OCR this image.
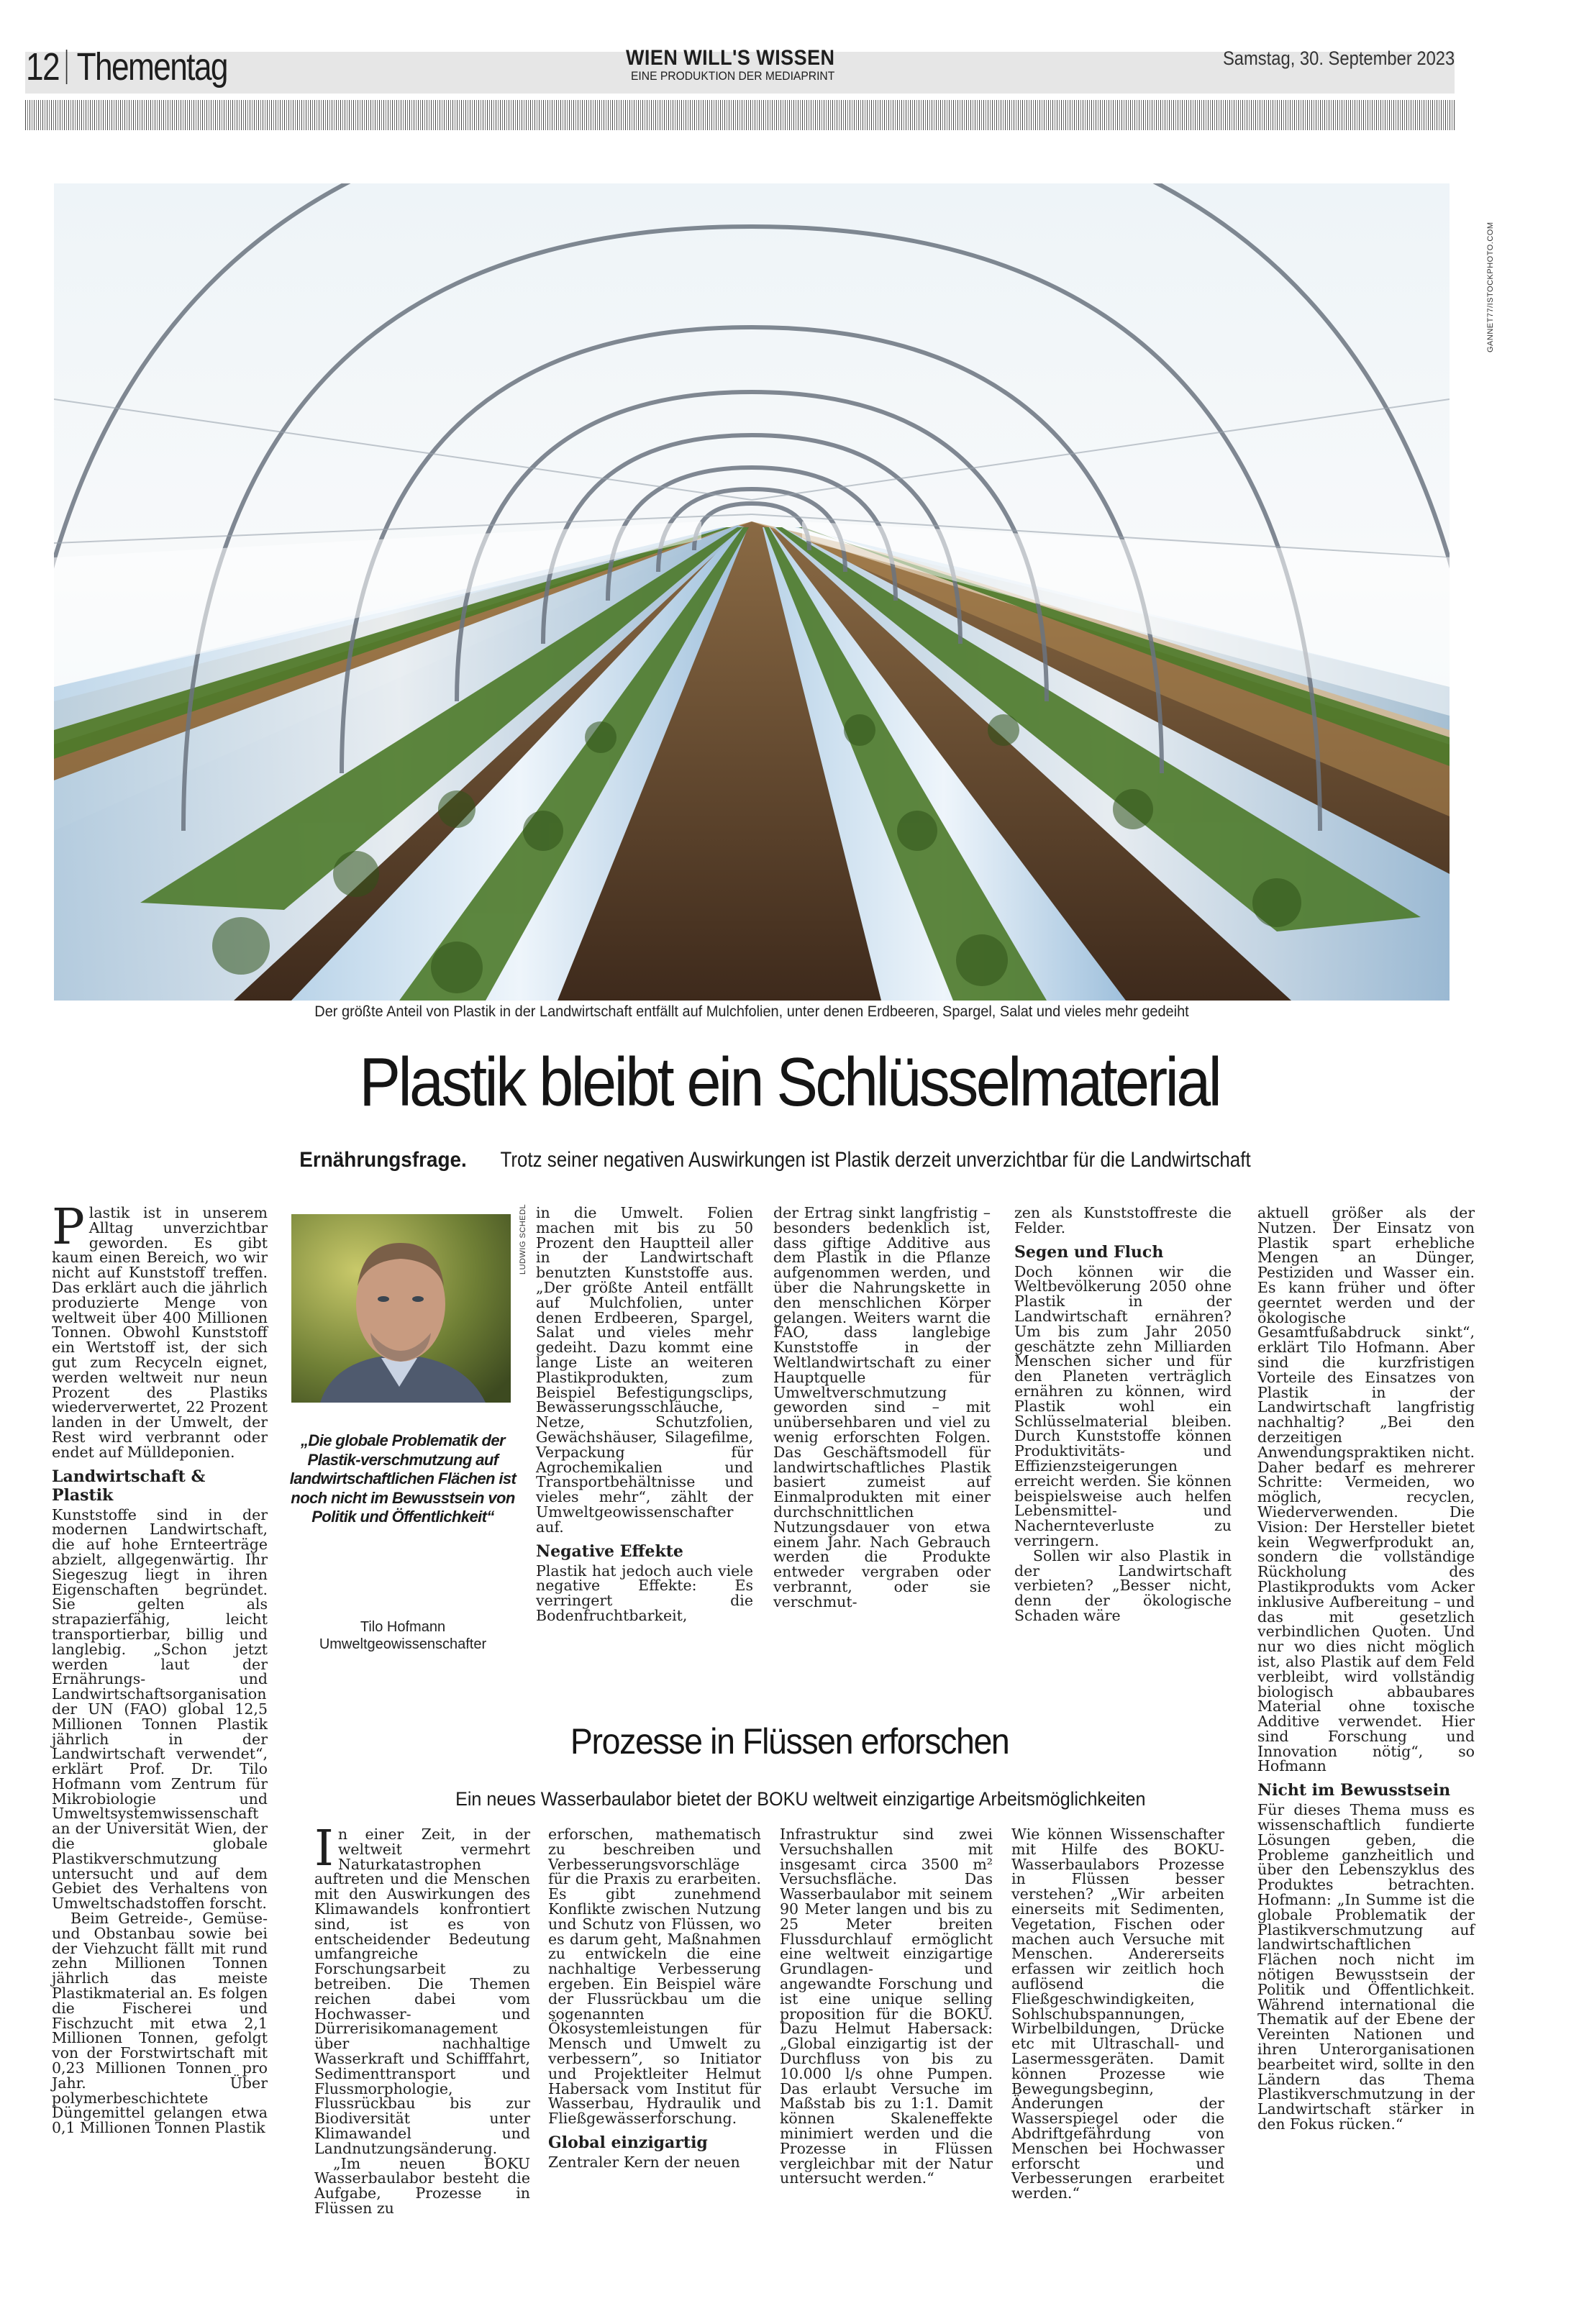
12 Thementag	WIEN WILL'S WISSEN
EINE PRODUKTION DER MEDIAPRINT
Samstag, 30. September 2023
GANNET77/ISTOCKPHOTO.COM
Der größte Anteil von Plastik in der Landwirtschaft entfällt auf Mulchfolien, unter denen Erdbeeren, Spargel, Salat und vieles mehr gedeiht
Plastik bleibt ein Schlüsselmaterial
Ernährungsfrage. Trotz seiner negativen Auswirkungen ist Plastik derzeit unverzichtbar für die Landwirtschaft

Plastik ist in unserem Alltag unverzichtbar geworden. Es gibt kaum einen Bereich, wo wir nicht auf Kunststoff treffen. Das erklärt auch die jährlich produzierte Menge von weltweit über 400 Millionen Tonnen. Obwohl Kunststoff ein Wertstoff ist, der sich gut zum Recyceln eignet, werden weltweit nur neun Prozent des Plastiks wiederverwertet, 22 Prozent landen in der Umwelt, der Rest wird verbrannt oder endet auf Mülldeponien.

Landwirtschaft & Plastik

Kunststoffe sind in der modernen Landwirtschaft, die auf hohe Ernteerträge abzielt, allgegenwärtig. Ihr Siegeszug liegt in ihren Eigenschaften begründet. Sie gelten als strapazierfähig, leicht transportierbar, billig und langlebig. „Schon jetzt werden laut der Ernährungs- und Landwirtschaftsorganisation der UN (FAO) global 12,5 Millionen Tonnen Plastik jährlich in der Landwirtschaft verwendet“, erklärt Prof. Dr. Tilo Hofmann vom Zentrum für Mikrobiologie und Umweltsystemwissenschaft an der Universität Wien, der die globale Plastikverschmutzung untersucht und auf dem Gebiet des Verhaltens von Umweltschadstoffen forscht.

Beim Getreide-, Gemüse- und Obstanbau sowie bei der Viehzucht fällt mit rund zehn Millionen Tonnen jährlich das meiste Plastikmaterial an. Es folgen die Fischerei und Fischzucht mit etwa 2,1 Millionen Tonnen, gefolgt von der Forstwirtschaft mit 0,23 Millionen Tonnen pro Jahr. Über polymerbeschichtete Düngemittel gelangen etwa 0,1 Millionen Tonnen Plastik

LUDWIG SCHEDL
„Die globale Problematik der Plastik-verschmutzung auf landwirtschaftlichen Flächen ist noch nicht im Bewusstsein von Politik und Öffentlichkeit“
Tilo Hofmann
Umweltgeowissenschafter

in die Umwelt. Folien machen mit bis zu 50 Prozent den Hauptteil aller in der Landwirtschaft benutzten Kunststoffe aus. „Der größte Anteil entfällt auf Mulchfolien, unter denen Erdbeeren, Spargel, Salat und vieles mehr gedeiht. Dazu kommt eine lange Liste an weiteren Plastikprodukten, zum Beispiel Befestigungsclips, Bewässerungsschläuche, Netze, Schutzfolien, Gewächshäuser, Silagefilme, Verpackung für Agrochemikalien und Transportbehältnisse und vieles mehr“, zählt der Umweltgeowissenschafter auf.

Negative Effekte

Plastik hat jedoch auch viele negative Effekte: Es verringert die Bodenfruchtbarkeit,

der Ertrag sinkt langfristig – besonders bedenklich ist, dass giftige Additive aus dem Plastik in die Pflanze aufgenommen werden, und über die Nahrungskette in den menschlichen Körper gelangen. Weiters warnt die FAO, dass langlebige Kunststoffe in der Weltlandwirtschaft zu einer Hauptquelle für Umweltverschmutzung geworden sind – mit unübersehbaren und viel zu wenig erforschten Folgen. Das Geschäftsmodell für landwirtschaftliches Plastik basiert zumeist auf Einmalprodukten mit einer durchschnittlichen Nutzungsdauer von etwa einem Jahr. Nach Gebrauch werden die Produkte entweder vergraben oder verbrannt, oder sie verschmut-

zen als Kunststoffreste die Felder.

Segen und Fluch

Doch können wir die Weltbevölkerung 2050 ohne Plastik in der Landwirtschaft ernähren? Um bis zum Jahr 2050 geschätzte zehn Milliarden Menschen sicher und für den Planeten verträglich ernähren zu können, wird Plastik wohl ein Schlüsselmaterial bleiben. Durch Kunststoffe können Produktivitäts- und Effizienzsteigerungen erreicht werden. Sie können beispielsweise auch helfen Lebensmittel- und Nachernteverluste zu verringern.

Sollen wir also Plastik in der Landwirtschaft verbieten? „Besser nicht, denn der ökologische Schaden wäre

aktuell größer als der Nutzen. Der Einsatz von Plastik spart erhebliche Mengen an Dünger, Pestiziden und Wasser ein. Es kann früher und öfter geerntet werden und der ökologische Gesamtfußabdruck sinkt“, erklärt Tilo Hofmann. Aber sind die kurzfristigen Vorteile des Einsatzes von Plastik in der Landwirtschaft langfristig nachhaltig? „Bei den derzeitigen Anwendungspraktiken nicht. Daher bedarf es mehrerer Schritte: Vermeiden, wo möglich, recyclen, Wiederverwenden. Die Vision: Der Hersteller bietet kein Wegwerfprodukt an, sondern die vollständige Rückholung des Plastikprodukts vom Acker inklusive Aufbereitung – und das mit gesetzlich verbindlichen Quoten. Und nur wo dies nicht möglich ist, also Plastik auf dem Feld verbleibt, wird vollständig biologisch abbaubares Material ohne toxische Additive verwendet. Hier sind Forschung und Innovation nötig“, so Hofmann

Nicht im Bewusstsein

Für dieses Thema muss es wissenschaftlich fundierte Lösungen geben, die Probleme ganzheitlich und über den Lebenszyklus des Produktes betrachten. Hofmann: „In Summe ist die globale Problematik der Plastikverschmutzung auf landwirtschaftlichen Flächen noch nicht im nötigen Bewusstsein der Politik und Öffentlichkeit. Während international die Thematik auf der Ebene der Vereinten Nationen und ihren Unterorganisationen bearbeitet wird, sollte in den Ländern das Thema Plastikverschmutzung in der Landwirtschaft stärker in den Fokus rücken.“

Prozesse in Flüssen erforschen
Ein neues Wasserbaulabor bietet der BOKU weltweit einzigartige Arbeitsmöglichkeiten

In einer Zeit, in der weltweit vermehrt Naturkatastrophen auftreten und die Menschen mit den Auswirkungen des Klimawandels konfrontiert sind, ist es von entscheidender Bedeutung umfangreiche Forschungsarbeit zu betreiben. Die Themen reichen dabei vom Hochwasser- und Dürrerisikomanagement über nachhaltige Wasserkraft und Schifffahrt, Sedimenttransport und Flussmorphologie, Flussrückbau bis zur Biodiversität unter Klimawandel und Landnutzungsänderung.

„Im neuen BOKU Wasserbaulabor besteht die Aufgabe, Prozesse in Flüssen zu

erforschen, mathematisch zu beschreiben und Verbesserungsvorschläge für die Praxis zu erarbeiten. Es gibt zunehmend Konflikte zwischen Nutzung und Schutz von Flüssen, wo es darum geht, Maßnahmen zu entwickeln die eine nachhaltige Verbesserung ergeben. Ein Beispiel wäre der Flussrückbau um die sogenannten Ökosystemleistungen für Mensch und Umwelt zu verbessern”, so Initiator und Projektleiter Helmut Habersack vom Institut für Wasserbau, Hydraulik und Fließgewässerforschung.

Global einzigartig

Zentraler Kern der neuen

Infrastruktur sind zwei Versuchshallen mit insgesamt circa 3500 m² Versuchsfläche. Das Wasserbaulabor mit seinem 90 Meter langen und bis zu 25 Meter breiten Flussdurchlauf ermöglicht eine weltweit einzigartige Grundlagen- und angewandte Forschung und ist eine unique selling proposition für die BOKU. Dazu Helmut Habersack: „Global einzigartig ist der Durchfluss von bis zu 10.000 l/s ohne Pumpen. Das erlaubt Versuche im Maßstab bis zu 1:1. Damit können Skaleneffekte minimiert werden und die Prozesse in Flüssen vergleichbar mit der Natur untersucht werden.“

Wie können Wissenschafter mit Hilfe des BOKU-Wasserbaulabors Prozesse in Flüssen besser verstehen? „Wir arbeiten einerseits mit Sedimenten, Vegetation, Fischen oder machen auch Versuche mit Menschen. Andererseits erfassen wir zeitlich hoch auflösend die Fließgeschwindigkeiten, Sohlschubspannungen, Wirbelbildungen, Drücke etc mit Ultraschall- und Lasermessgeräten. Damit können Prozesse wie Bewegungsbeginn, Änderungen der Wasserspiegel oder die Abdriftgefährdung von Menschen bei Hochwasser erforscht und Verbesserungen erarbeitet werden.“
